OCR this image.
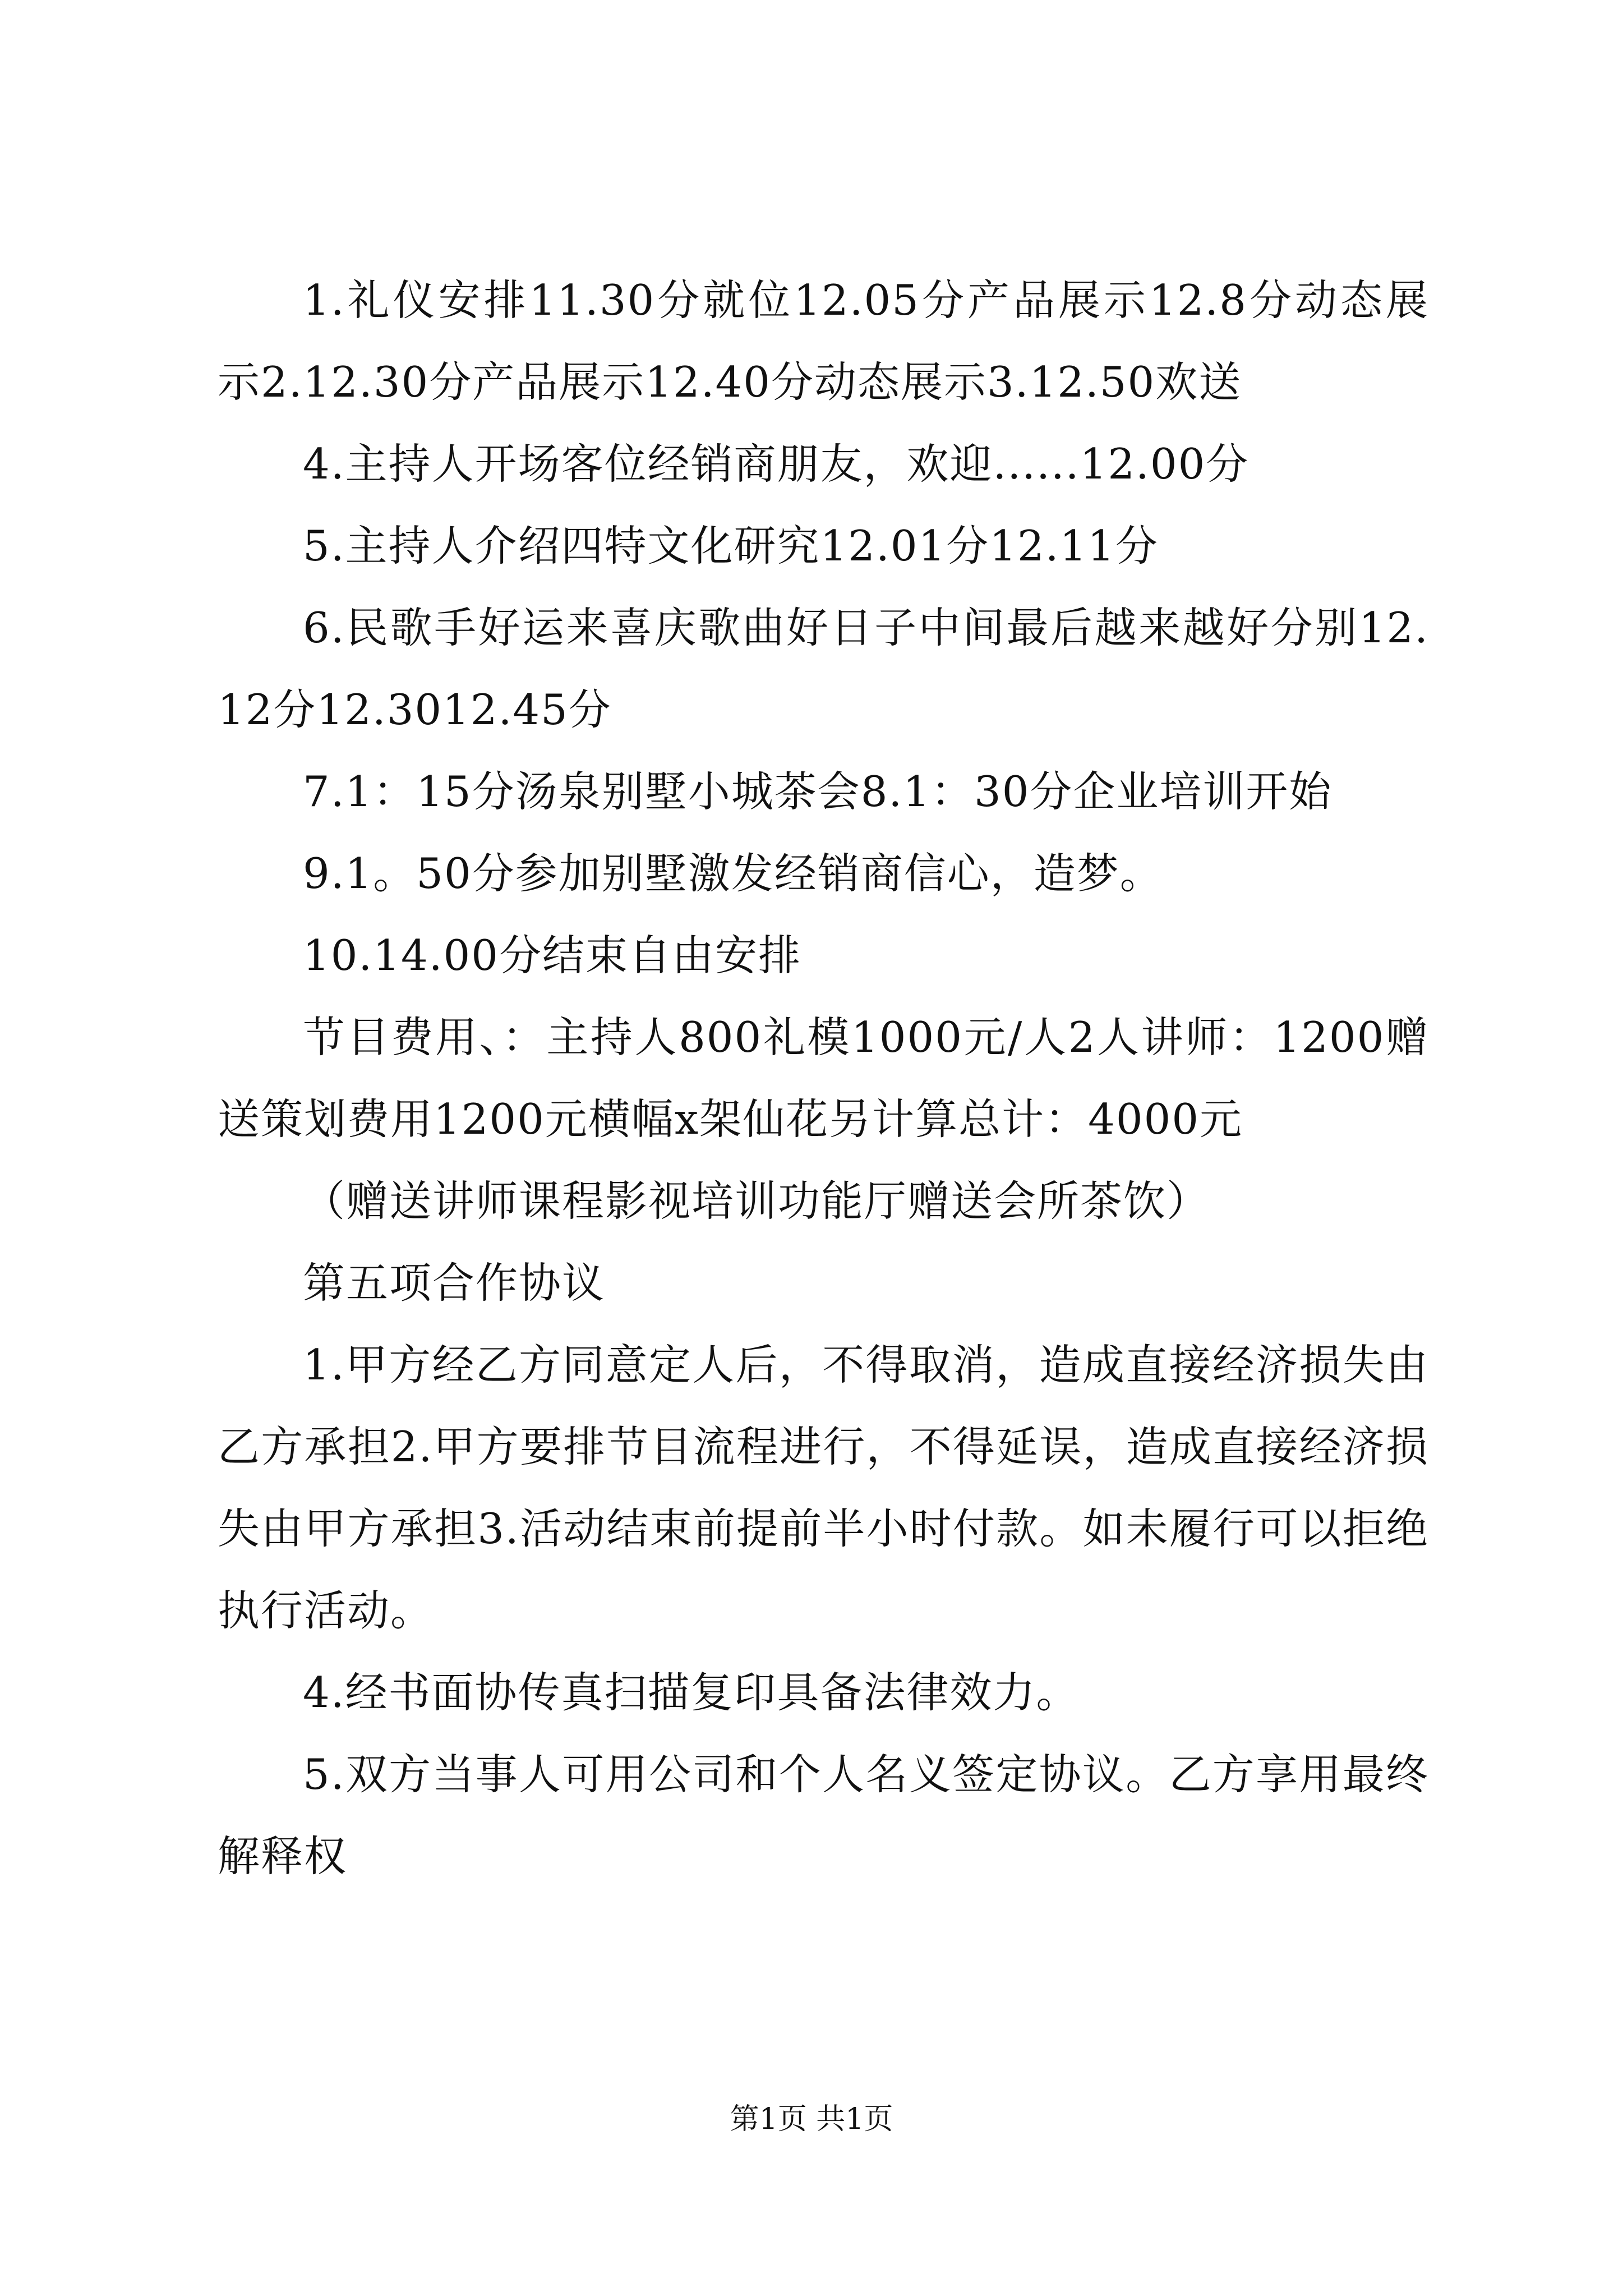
1.礼仪安排11.30分就位12.05分产品展示12.8分动态展示2.12.30分产品展示12.40分动态展示3.12.50欢送

4.主持人开场客位经销商朋友，欢迎......12.00分

5.主持人介绍四特文化研究12.01分12.11分

6.民歌手好运来喜庆歌曲好日子中间最后越来越好分别12.12分12.3012.45分

7.1：15分汤泉别墅小城茶会8.1：30分企业培训开始

9.1。50分参加别墅激发经销商信心，造梦。

10.14.00分结束自由安排

节目费用、：主持人800礼模1000元/人2人讲师：1200赠送策划费用1200元横幅x架仙花另计算总计：4000元

（赠送讲师课程影视培训功能厅赠送会所茶饮）

第五项合作协议

1.甲方经乙方同意定人后，不得取消，造成直接经济损失由乙方承担2.甲方要排节目流程进行，不得延误，造成直接经济损失由甲方承担3.活动结束前提前半小时付款。如未履行可以拒绝执行活动。

4.经书面协传真扫描复印具备法律效力。

5.双方当事人可用公司和个人名义签定协议。乙方享用最终解释权

第1页 共1页
